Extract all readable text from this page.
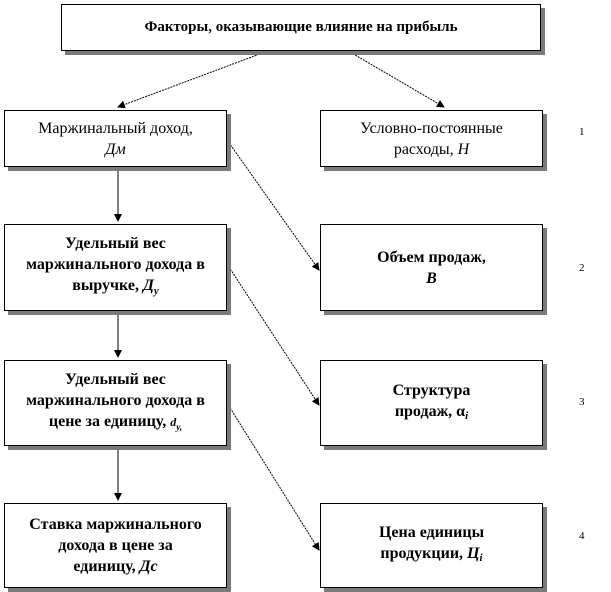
Факторы, оказывающие влияние на прибыль
Маржинальный доход,
Дм
Удельный вес
маржинального дохода в
выручке, $Д_у$
Удельный вес
маржинального дохода в
цене за единицу, $d_{y,}$
Ставка маржинального
дохода в цене за
единицу, Дс
Условно-постоянные
расходы, Н
Объем продаж,
В
Структура
продаж, $\alpha_i$
Цена единицы
продукции, $Ц_i$
1
2
3
4
